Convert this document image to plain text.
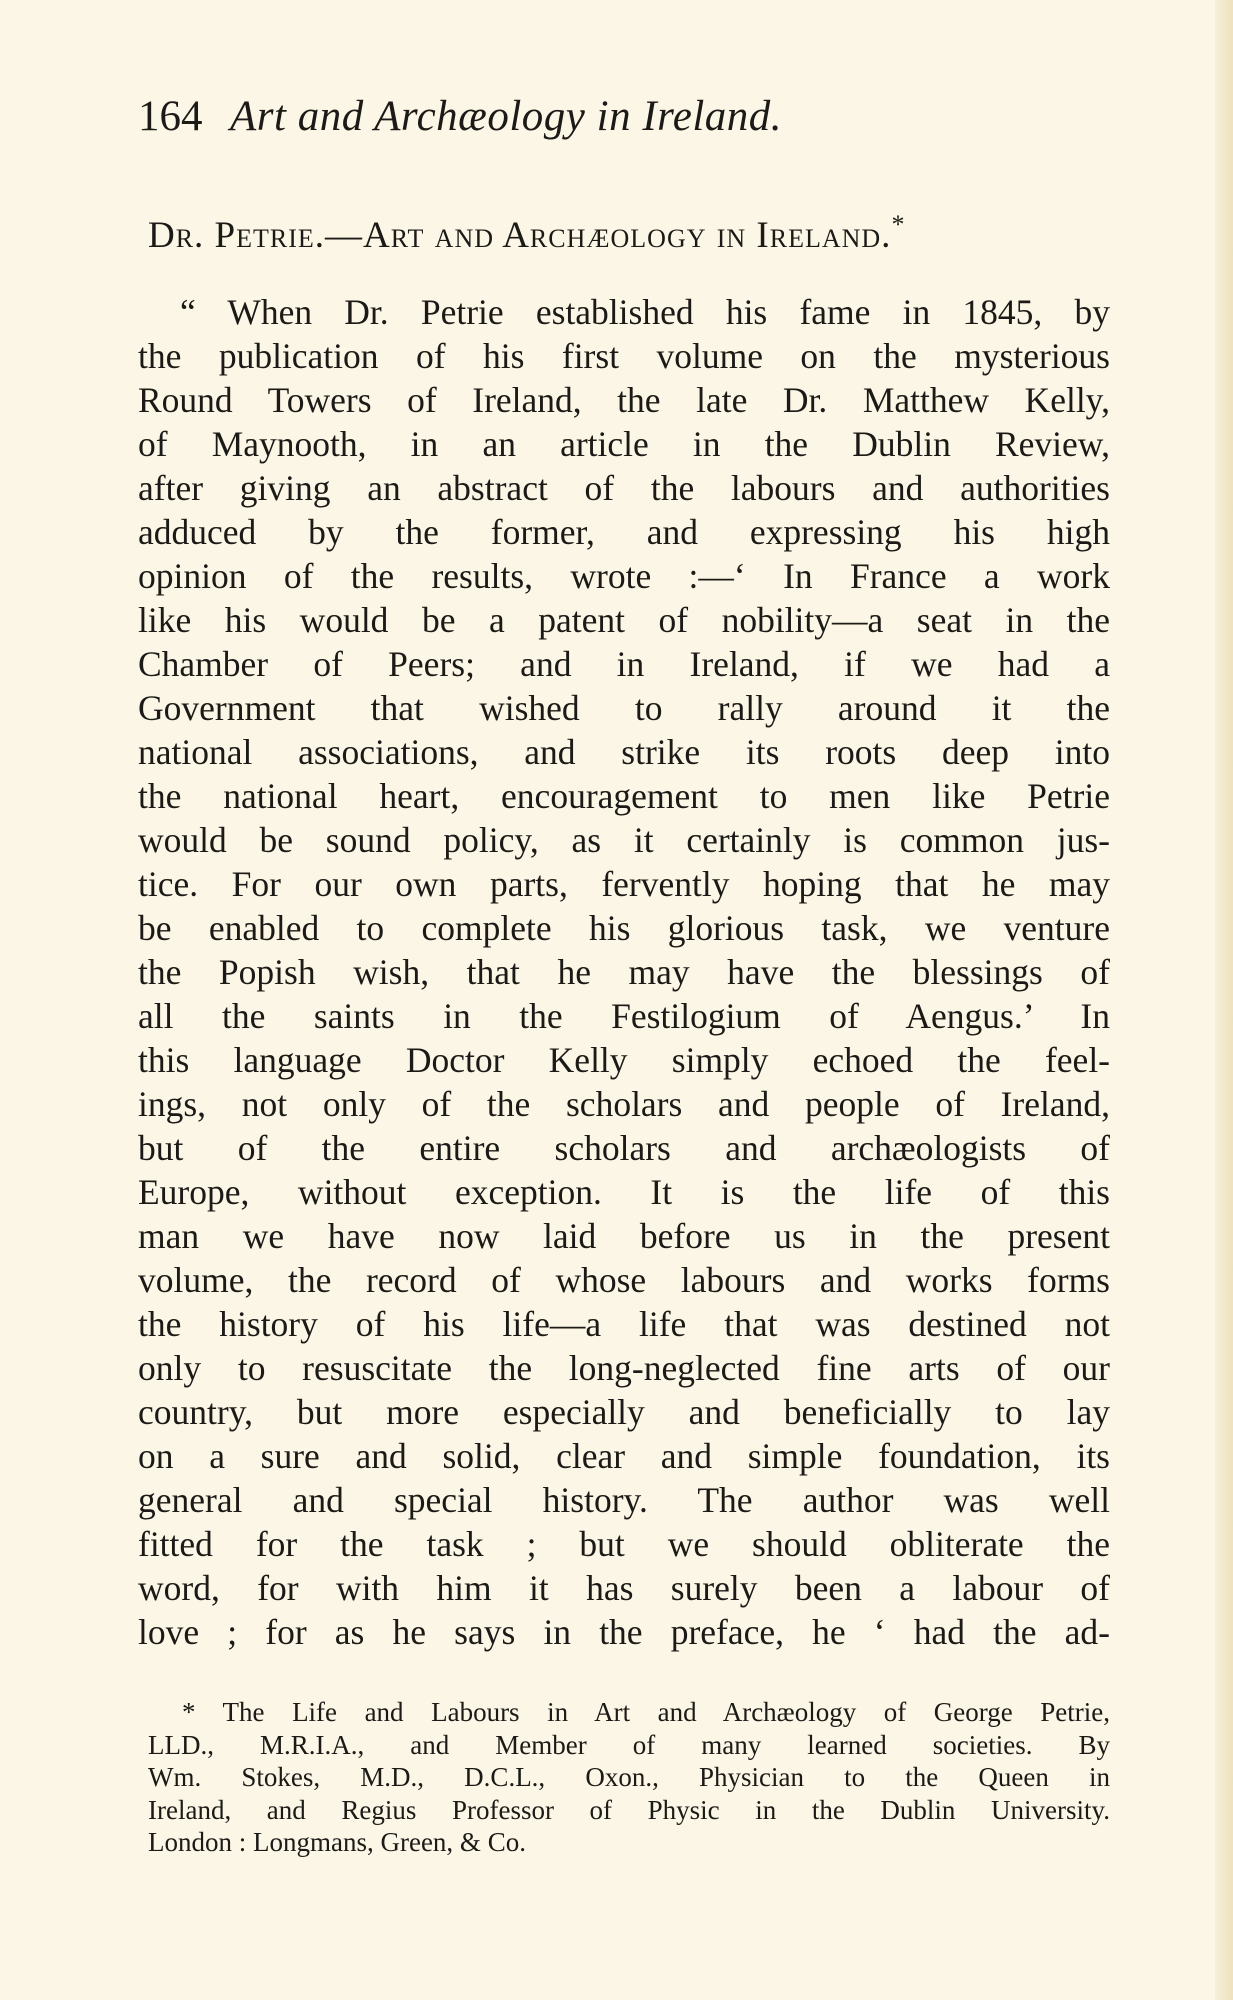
164 Art and Archæology in Ireland.
Dr. Petrie.—Art and Archæology in Ireland.*
“ When Dr. Petrie established his fame in 1845, by
the publication of his first volume on the mysterious
Round Towers of Ireland, the late Dr. Matthew Kelly,
of Maynooth, in an article in the Dublin Review,
after giving an abstract of the labours and authorities
adduced by the former, and expressing his high
opinion of the results, wrote :—‘ In France a work
like his would be a patent of nobility—a seat in the
Chamber of Peers; and in Ireland, if we had a
Government that wished to rally around it the
national associations, and strike its roots deep into
the national heart, encouragement to men like Petrie
would be sound policy, as it certainly is common jus-
tice. For our own parts, fervently hoping that he may
be enabled to complete his glorious task, we venture
the Popish wish, that he may have the blessings of
all the saints in the Festilogium of Aengus.’ In
this language Doctor Kelly simply echoed the feel-
ings, not only of the scholars and people of Ireland,
but of the entire scholars and archæologists of
Europe, without exception. It is the life of this
man we have now laid before us in the present
volume, the record of whose labours and works forms
the history of his life—a life that was destined not
only to resuscitate the long-neglected fine arts of our
country, but more especially and beneficially to lay
on a sure and solid, clear and simple foundation, its
general and special history. The author was well
fitted for the task ; but we should obliterate the
word, for with him it has surely been a labour of
love ; for as he says in the preface, he ‘ had the ad-
* The Life and Labours in Art and Archæology of George Petrie,
LLD., M.R.I.A., and Member of many learned societies. By
Wm. Stokes, M.D., D.C.L., Oxon., Physician to the Queen in
Ireland, and Regius Professor of Physic in the Dublin University.
London : Longmans, Green, & Co.
